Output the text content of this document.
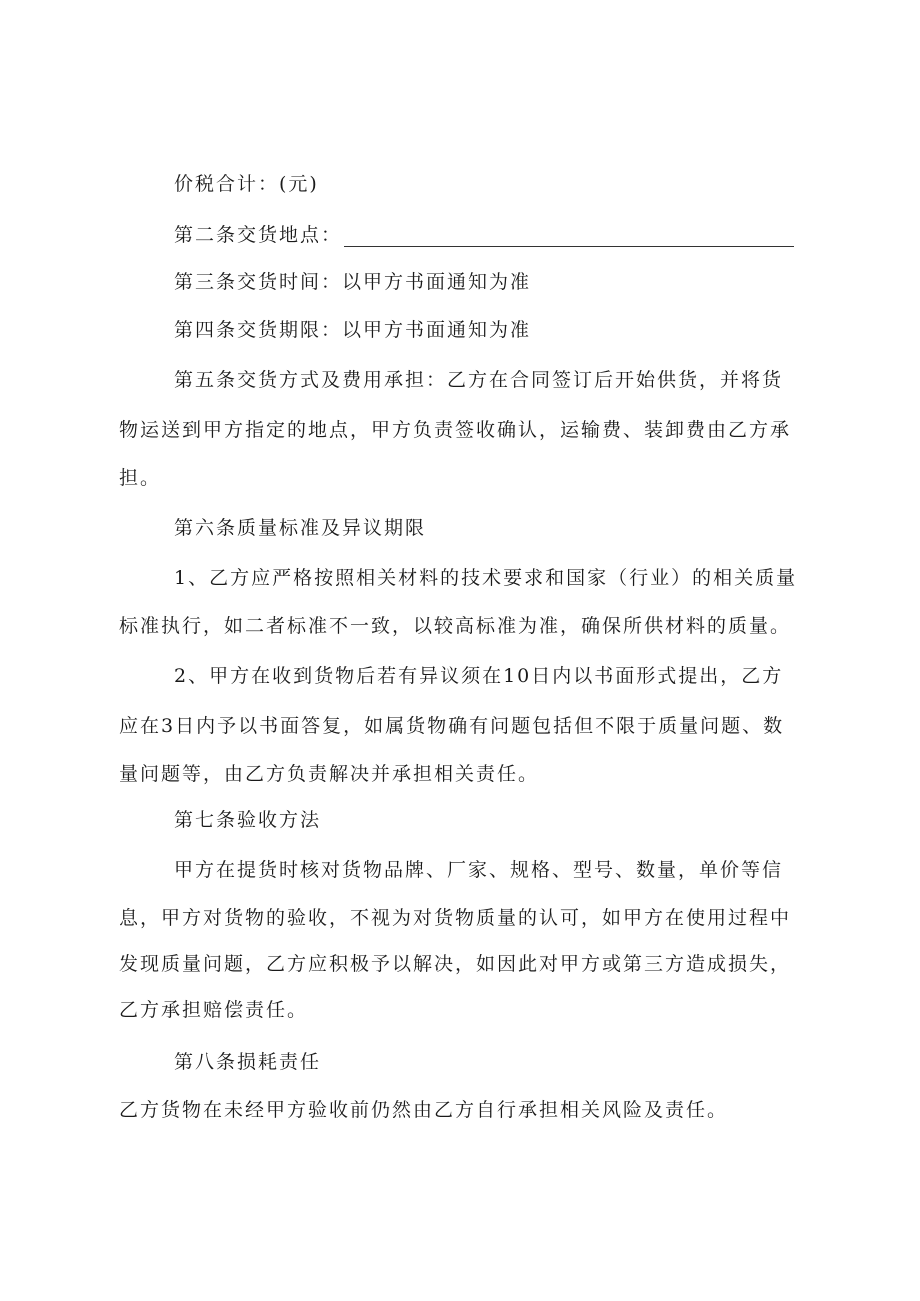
价税合计：(元)
第二条交货地点：
第三条交货时间：以甲方书面通知为准
第四条交货期限：以甲方书面通知为准
第五条交货方式及费用承担：乙方在合同签订后开始供货，并将货
物运送到甲方指定的地点，甲方负责签收确认，运输费、装卸费由乙方承
担。
第六条质量标准及异议期限
1、乙方应严格按照相关材料的技术要求和国家（行业）的相关质量
标准执行，如二者标准不一致，以较高标准为准，确保所供材料的质量。
2、甲方在收到货物后若有异议须在10日内以书面形式提出，乙方
应在3日内予以书面答复，如属货物确有问题包括但不限于质量问题、数
量问题等，由乙方负责解决并承担相关责任。
第七条验收方法
甲方在提货时核对货物品牌、厂家、规格、型号、数量，单价等信
息，甲方对货物的验收，不视为对货物质量的认可，如甲方在使用过程中
发现质量问题，乙方应积极予以解决，如因此对甲方或第三方造成损失，
乙方承担赔偿责任。
第八条损耗责任
乙方货物在未经甲方验收前仍然由乙方自行承担相关风险及责任。
